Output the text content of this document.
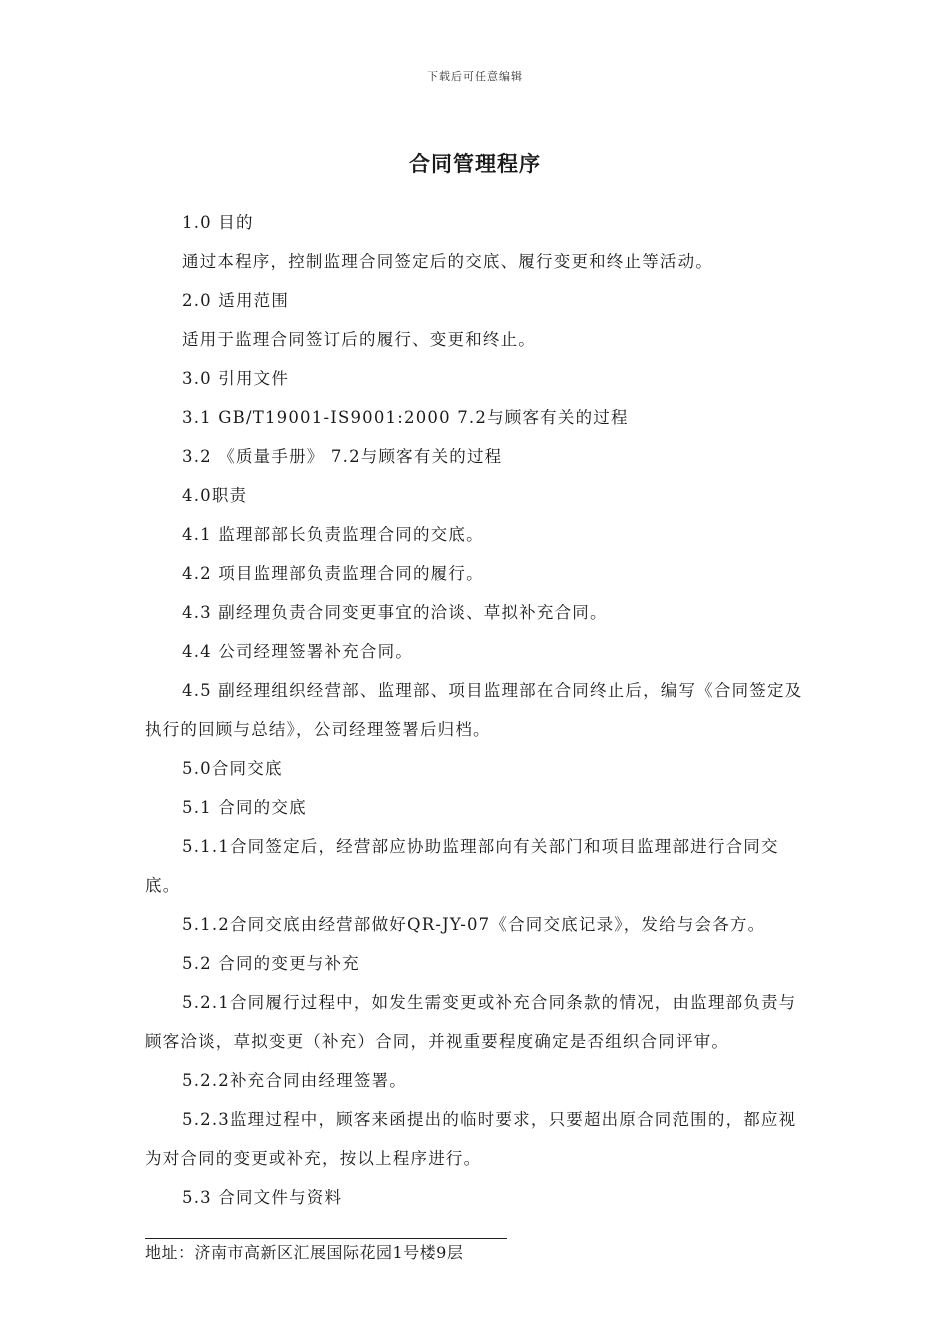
下载后可任意编辑
合同管理程序

1.0 目的

通过本程序，控制监理合同签定后的交底、履行变更和终止等活动。

2.0 适用范围

适用于监理合同签订后的履行、变更和终止。

3.0 引用文件

3.1 GB/T19001-IS9001:2000 7.2与顾客有关的过程

3.2 《质量手册》 7.2与顾客有关的过程

4.0职责

4.1 监理部部长负责监理合同的交底。

4.2 项目监理部负责监理合同的履行。

4.3 副经理负责合同变更事宜的洽谈、草拟补充合同。

4.4 公司经理签署补充合同。

4.5 副经理组织经营部、监理部、项目监理部在合同终止后，编写《合同签定及执行的回顾与总结》，公司经理签署后归档。

5.0合同交底

5.1 合同的交底

5.1.1合同签定后，经营部应协助监理部向有关部门和项目监理部进行合同交底。

5.1.2合同交底由经营部做好QR-JY-07《合同交底记录》，发给与会各方。

5.2 合同的变更与补充

5.2.1合同履行过程中，如发生需变更或补充合同条款的情况，由监理部负责与顾客洽谈，草拟变更（补充）合同，并视重要程度确定是否组织合同评审。

5.2.2补充合同由经理签署。

5.2.3监理过程中，顾客来函提出的临时要求，只要超出原合同范围的，都应视为对合同的变更或补充，按以上程序进行。

5.3 合同文件与资料

地址：济南市高新区汇展国际花园1号楼9层
